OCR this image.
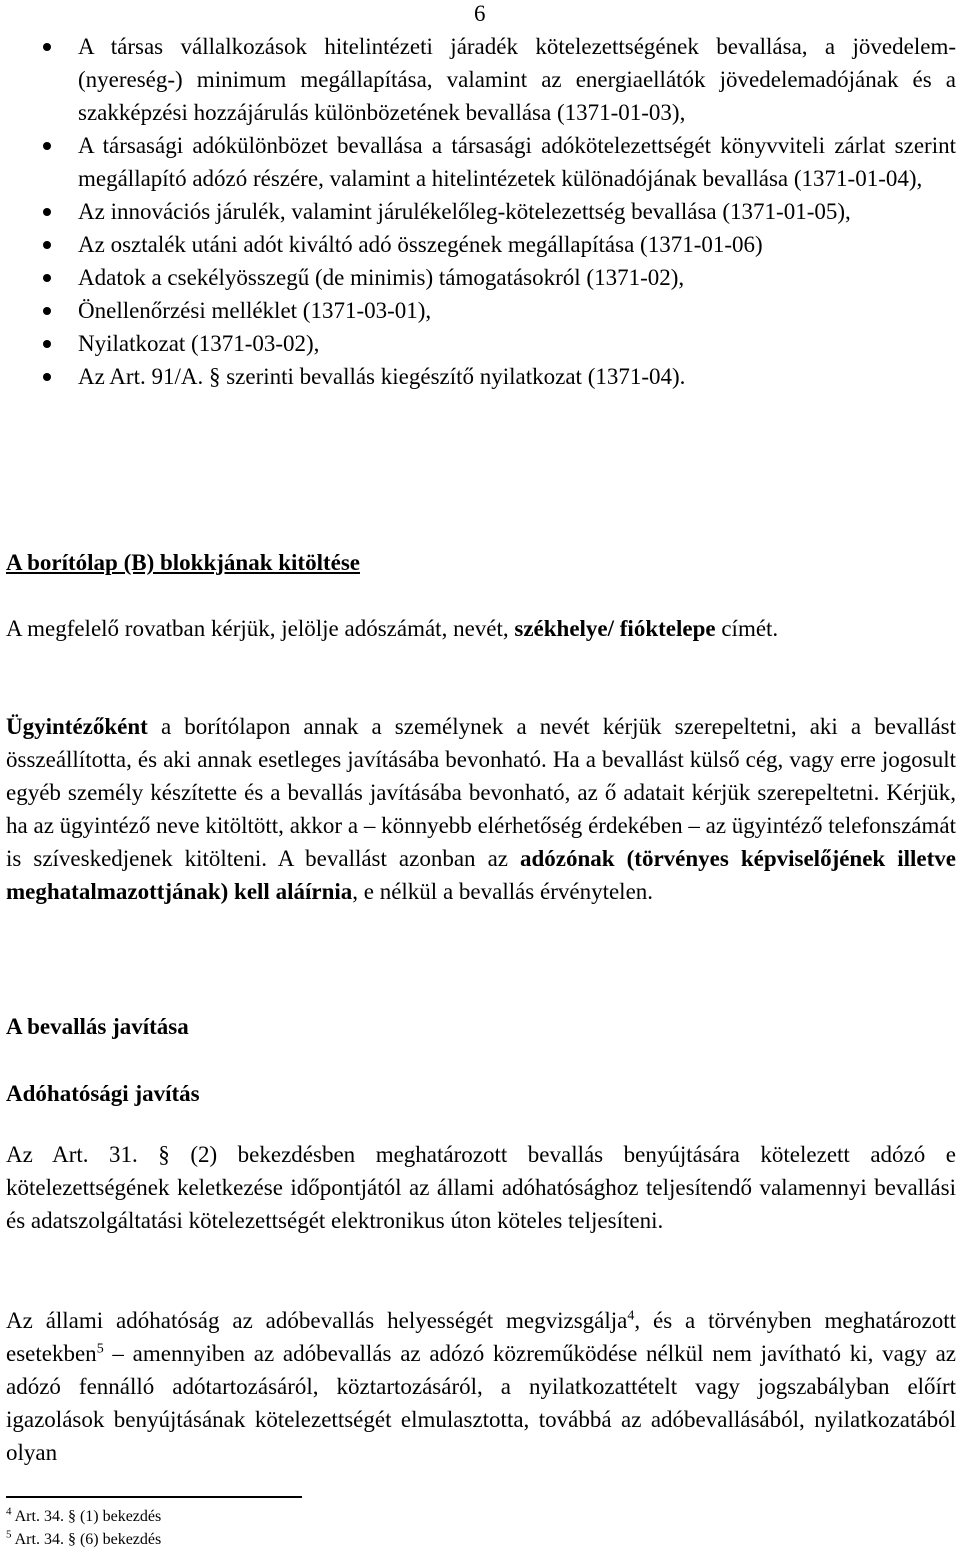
6
A társas vállalkozások hitelintézeti járadék kötelezettségének bevallása, a jövedelem- (nyereség-) minimum megállapítása, valamint az energiaellátók jövedelemadójának és a szakképzési hozzájárulás különbözetének bevallása (1371-01-03),
A társasági adókülönbözet bevallása a társasági adókötelezettségét könyvviteli zárlat szerint megállapító adózó részére, valamint a hitelintézetek különadójának bevallása (1371-01-04),
Az innovációs járulék, valamint járulékelőleg-kötelezettség bevallása (1371-01-05),
Az osztalék utáni adót kiváltó adó összegének megállapítása (1371-01-06)
Adatok a csekélyösszegű (de minimis) támogatásokról (1371-02),
Önellenőrzési melléklet (1371-03-01),
Nyilatkozat (1371-03-02),
Az Art. 91/A. § szerinti bevallás kiegészítő nyilatkozat (1371-04).

A borítólap (B) blokkjának kitöltése

A megfelelő rovatban kérjük, jelölje adószámát, nevét, székhelye/ fióktelepe címét.

Ügyintézőként a borítólapon annak a személynek a nevét kérjük szerepeltetni, aki a bevallást összeállította, és aki annak esetleges javításába bevonható. Ha a bevallást külső cég, vagy erre jogosult egyéb személy készítette és a bevallás javításába bevonható, az ő adatait kérjük szerepeltetni. Kérjük, ha az ügyintéző neve kitöltött, akkor a – könnyebb elérhetőség érdekében – az ügyintéző telefonszámát is szíveskedjenek kitölteni. A bevallást azonban az adózónak (törvényes képviselőjének illetve meghatalmazottjának) kell aláírnia, e nélkül a bevallás érvénytelen.

A bevallás javítása

Adóhatósági javítás

Az Art. 31. § (2) bekezdésben meghatározott bevallás benyújtására kötelezett adózó e kötelezettségének keletkezése időpontjától az állami adóhatósághoz teljesítendő valamennyi bevallási és adatszolgáltatási kötelezettségét elektronikus úton köteles teljesíteni.

Az állami adóhatóság az adóbevallás helyességét megvizsgálja$^4$, és a törvényben meghatározott esetekben$^5$ – amennyiben az adóbevallás az adózó közreműködése nélkül nem javítható ki, vagy az adózó fennálló adótartozásáról, köztartozásáról, a nyilatkozattételt vagy jogszabályban előírt igazolások benyújtásának kötelezettségét elmulasztotta, továbbá az adóbevallásából, nyilatkozatából olyan

$^4$ Art. 34. § (1) bekezdés
$^5$ Art. 34. § (6) bekezdés
